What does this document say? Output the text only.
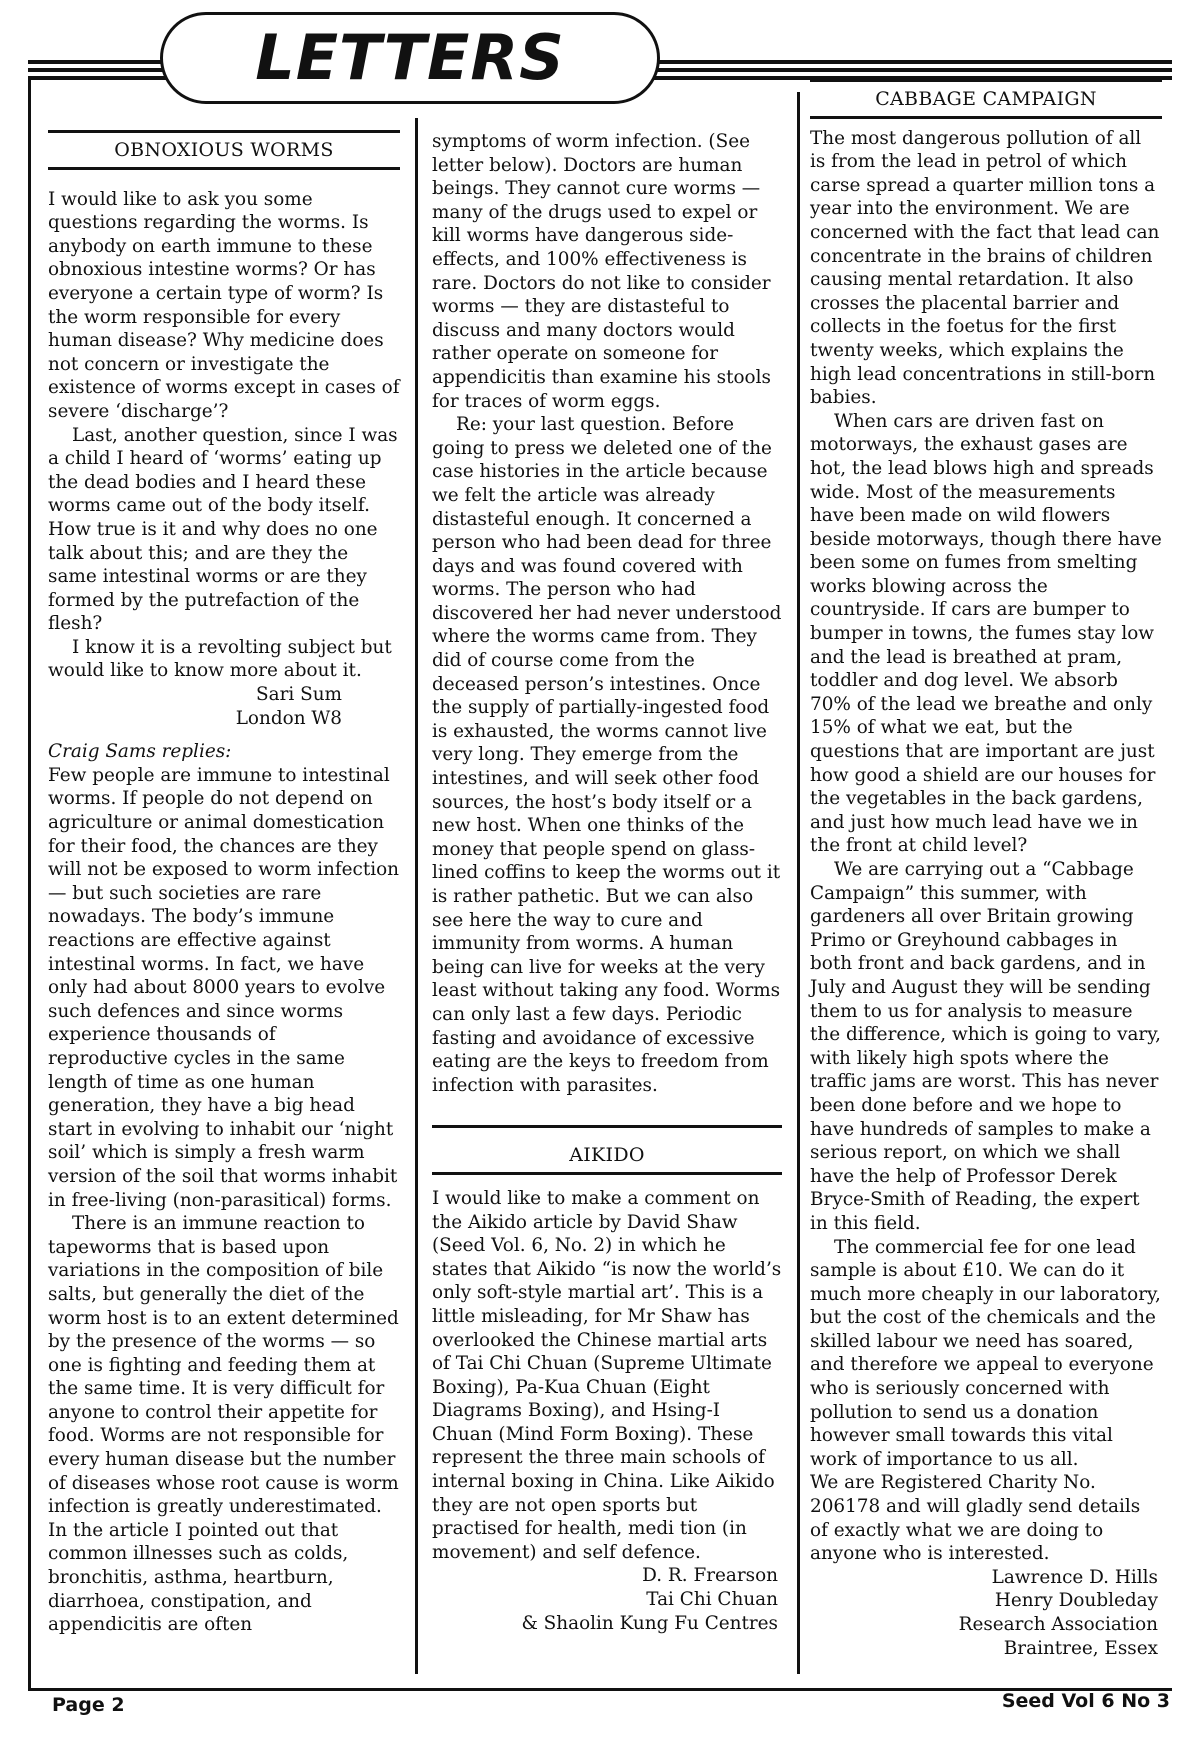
LETTERS
OBNOXIOUS WORMS

I would like to ask you some questions regarding the worms. Is anybody on earth immune to these obnoxious intestine worms? Or has everyone a certain type of worm? Is the worm responsible for every human disease? Why medicine does not concern or investigate the existence of worms except in cases of severe ‘discharge’?

Last, another question, since I was a child I heard of ‘worms’ eating up the dead bodies and I heard these worms came out of the body itself. How true is it and why does no one talk about this; and are they the same intestinal worms or are they formed by the putrefaction of the flesh?

I know it is a revolting subject but would like to know more about it.

Sari Sum

London W8

Craig Sams replies:

Few people are immune to intestinal worms. If people do not depend on agriculture or animal domestication for their food, the chances are they will not be exposed to worm infection — but such societies are rare nowadays. The body’s immune reactions are effective against intestinal worms. In fact, we have only had about 8000 years to evolve such defences and since worms experience thousands of reproductive cycles in the same length of time as one human generation, they have a big head start in evolving to inhabit our ‘night soil’ which is simply a fresh warm version of the soil that worms inhabit in free-living (non-parasitical) forms.

There is an immune reaction to tapeworms that is based upon variations in the composition of bile salts, but generally the diet of the worm host is to an extent determined by the presence of the worms — so one is fighting and feeding them at the same time. It is very difficult for anyone to control their appetite for food. Worms are not responsible for every human disease but the number of diseases whose root cause is worm infection is greatly underestimated. In the article I pointed out that common illnesses such as colds, bronchitis, asthma, heartburn, diarrhoea, constipation, and appendicitis are often

symptoms of worm infection. (See letter below). Doctors are human beings. They cannot cure worms — many of the drugs used to expel or kill worms have dangerous side-effects, and 100% effectiveness is rare. Doctors do not like to consider worms — they are distasteful to discuss and many doctors would rather operate on someone for appendicitis than examine his stools for traces of worm eggs.

Re: your last question. Before going to press we deleted one of the case histories in the article because we felt the article was already distasteful enough. It concerned a person who had been dead for three days and was found covered with worms. The person who had discovered her had never understood where the worms came from. They did of course come from the deceased person’s intestines. Once the supply of partially-ingested food is exhausted, the worms cannot live very long. They emerge from the intestines, and will seek other food sources, the host’s body itself or a new host. When one thinks of the money that people spend on glass-lined coffins to keep the worms out it is rather pathetic. But we can also see here the way to cure and immunity from worms. A human being can live for weeks at the very least without taking any food. Worms can only last a few days. Periodic fasting and avoidance of excessive eating are the keys to freedom from infection with parasites.

AIKIDO

I would like to make a comment on the Aikido article by David Shaw (Seed Vol. 6, No. 2) in which he states that Aikido “is now the world’s only soft-style martial art’. This is a little misleading, for Mr Shaw has overlooked the Chinese martial arts of Tai Chi Chuan (Supreme Ultimate Boxing), Pa-Kua Chuan (Eight Diagrams Boxing), and Hsing-I Chuan (Mind Form Boxing). These represent the three main schools of internal boxing in China. Like Aikido they are not open sports but practised for health, medi tion (in movement) and self defence.

D. R. Frearson

Tai Chi Chuan

& Shaolin Kung Fu Centres

CABBAGE CAMPAIGN

The most dangerous pollution of all is from the lead in petrol of which carse spread a quarter million tons a year into the environment. We are concerned with the fact that lead can concentrate in the brains of children causing mental retardation. It also crosses the placental barrier and collects in the foetus for the first twenty weeks, which explains the high lead concentrations in still-born babies.

When cars are driven fast on motorways, the exhaust gases are hot, the lead blows high and spreads wide. Most of the measurements have been made on wild flowers beside motorways, though there have been some on fumes from smelting works blowing across the countryside. If cars are bumper to bumper in towns, the fumes stay low and the lead is breathed at pram, toddler and dog level. We absorb 70% of the lead we breathe and only 15% of what we eat, but the questions that are important are just how good a shield are our houses for the vegetables in the back gardens, and just how much lead have we in the front at child level?

We are carrying out a “Cabbage Campaign” this summer, with gardeners all over Britain growing Primo or Greyhound cabbages in both front and back gardens, and in July and August they will be sending them to us for analysis to measure the difference, which is going to vary, with likely high spots where the traffic jams are worst. This has never been done before and we hope to have hundreds of samples to make a serious report, on which we shall have the help of Professor Derek Bryce-Smith of Reading, the expert in this field.

The commercial fee for one lead sample is about £10. We can do it much more cheaply in our laboratory, but the cost of the chemicals and the skilled labour we need has soared, and therefore we appeal to everyone who is seriously concerned with pollution to send us a donation however small towards this vital work of importance to us all.

We are Registered Charity No. 206178 and will gladly send details of exactly what we are doing to anyone who is interested.

Lawrence D. Hills

Henry Doubleday

Research Association

Braintree, Essex

Page 2	Seed Vol 6 No 3
